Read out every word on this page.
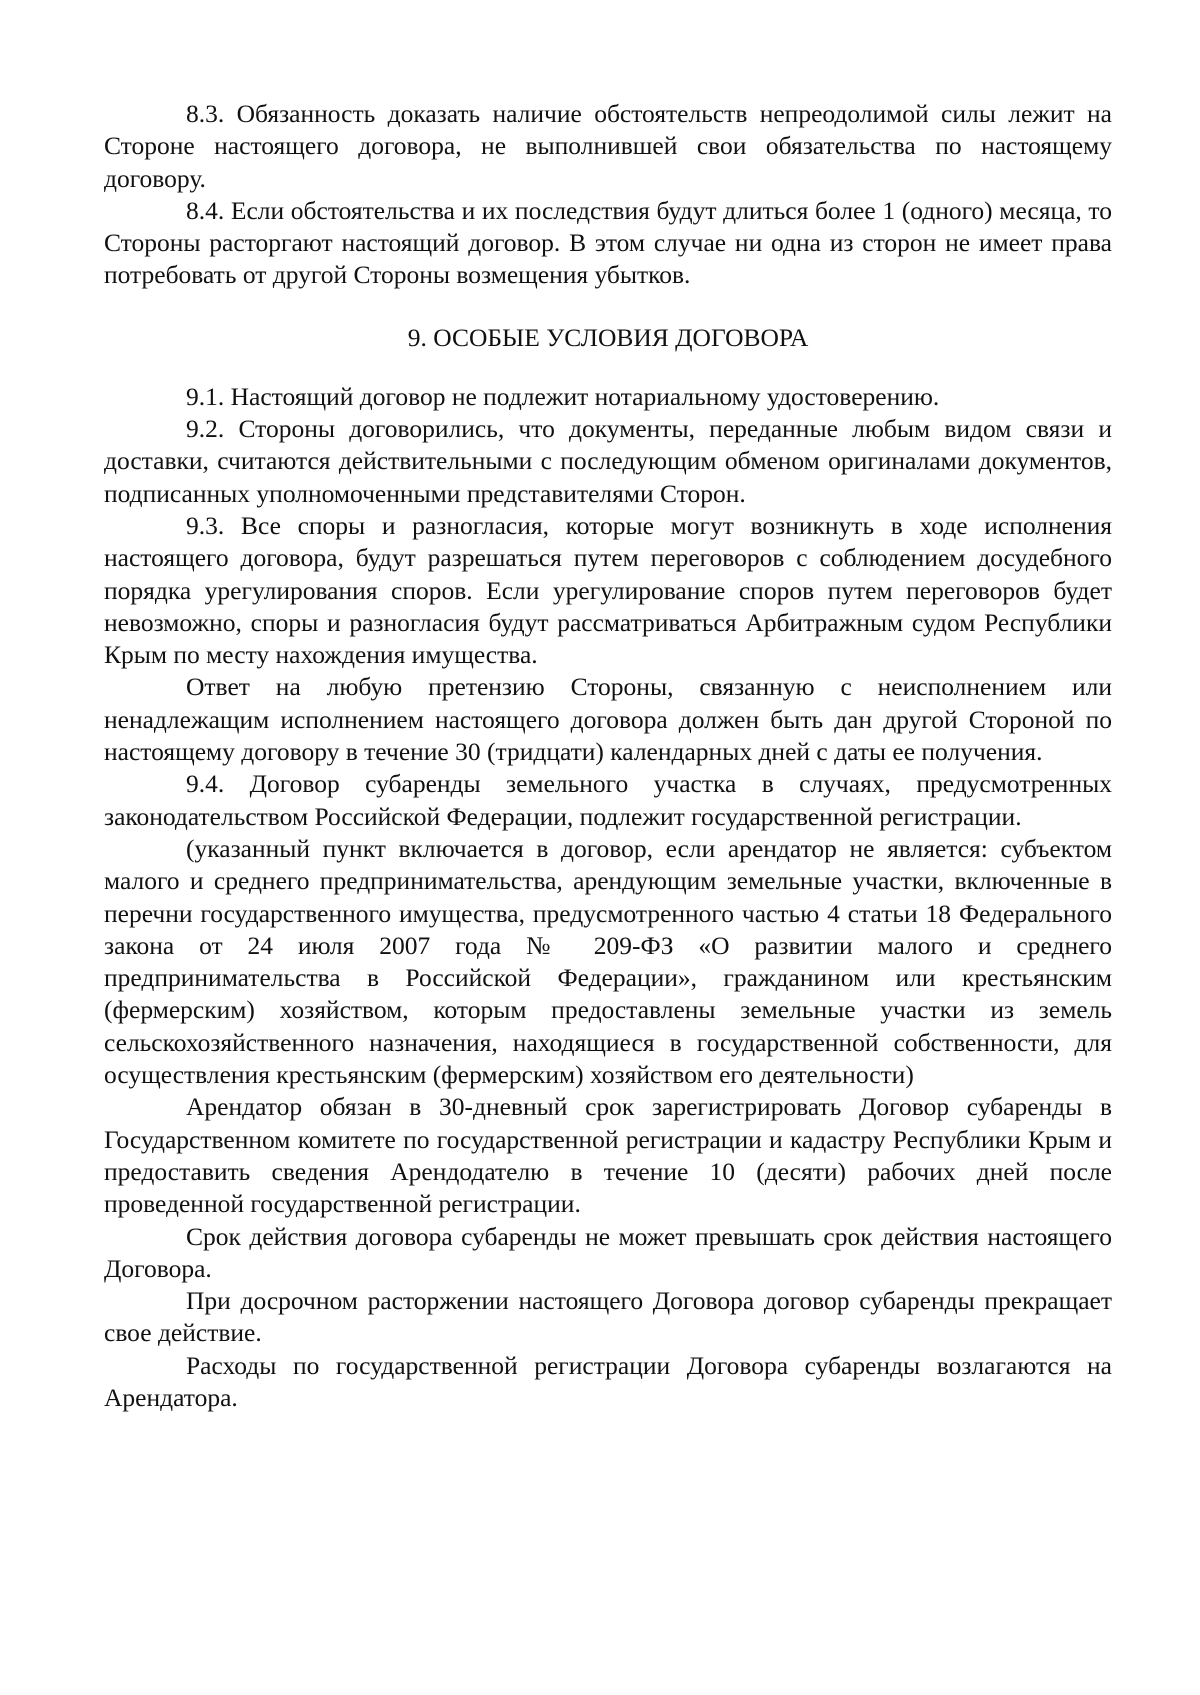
8.3. Обязанность доказать наличие обстоятельств непреодолимой силы лежит на Стороне настоящего договора, не выполнившей свои обязательства по настоящему договору.

8.4. Если обстоятельства и их последствия будут длиться более 1 (одного) месяца, то Стороны расторгают настоящий договор. В этом случае ни одна из сторон не имеет права потребовать от другой Стороны возмещения убытков.

9. ОСОБЫЕ УСЛОВИЯ ДОГОВОРА

9.1. Настоящий договор не подлежит нотариальному удостоверению.

9.2. Стороны договорились, что документы, переданные любым видом связи и доставки, считаются действительными с последующим обменом оригиналами документов, подписанных уполномоченными представителями Сторон.

9.3. Все споры и разногласия, которые могут возникнуть в ходе исполнения настоящего договора, будут разрешаться путем переговоров с соблюдением досудебного порядка урегулирования споров. Если урегулирование споров путем переговоров будет невозможно, споры и разногласия будут рассматриваться Арбитражным судом Республики Крым по месту нахождения имущества.

Ответ на любую претензию Стороны, связанную с неисполнением или ненадлежащим исполнением настоящего договора должен быть дан другой Стороной по настоящему договору в течение 30 (тридцати) календарных дней с даты ее получения.

9.4. Договор субаренды земельного участка в случаях, предусмотренных законодательством Российской Федерации, подлежит государственной регистрации.

(указанный пункт включается в договор, если арендатор не является: субъектом малого и среднего предпринимательства, арендующим земельные участки, включенные в перечни государственного имущества, предусмотренного частью 4 статьи 18 Федерального закона от 24 июля 2007 года № 209-ФЗ «О развитии малого и среднего предпринимательства в Российской Федерации», гражданином или крестьянским (фермерским) хозяйством, которым предоставлены земельные участки из земель сельскохозяйственного назначения, находящиеся в государственной собственности, для осуществления крестьянским (фермерским) хозяйством его деятельности)

Арендатор обязан в 30-дневный срок зарегистрировать Договор субаренды в Государственном комитете по государственной регистрации и кадастру Республики Крым и предоставить сведения Арендодателю в течение 10 (десяти) рабочих дней после проведенной государственной регистрации.

Срок действия договора субаренды не может превышать срок действия настоящего Договора.

При досрочном расторжении настоящего Договора договор субаренды прекращает свое действие.

Расходы по государственной регистрации Договора субаренды возлагаются на Арендатора.
